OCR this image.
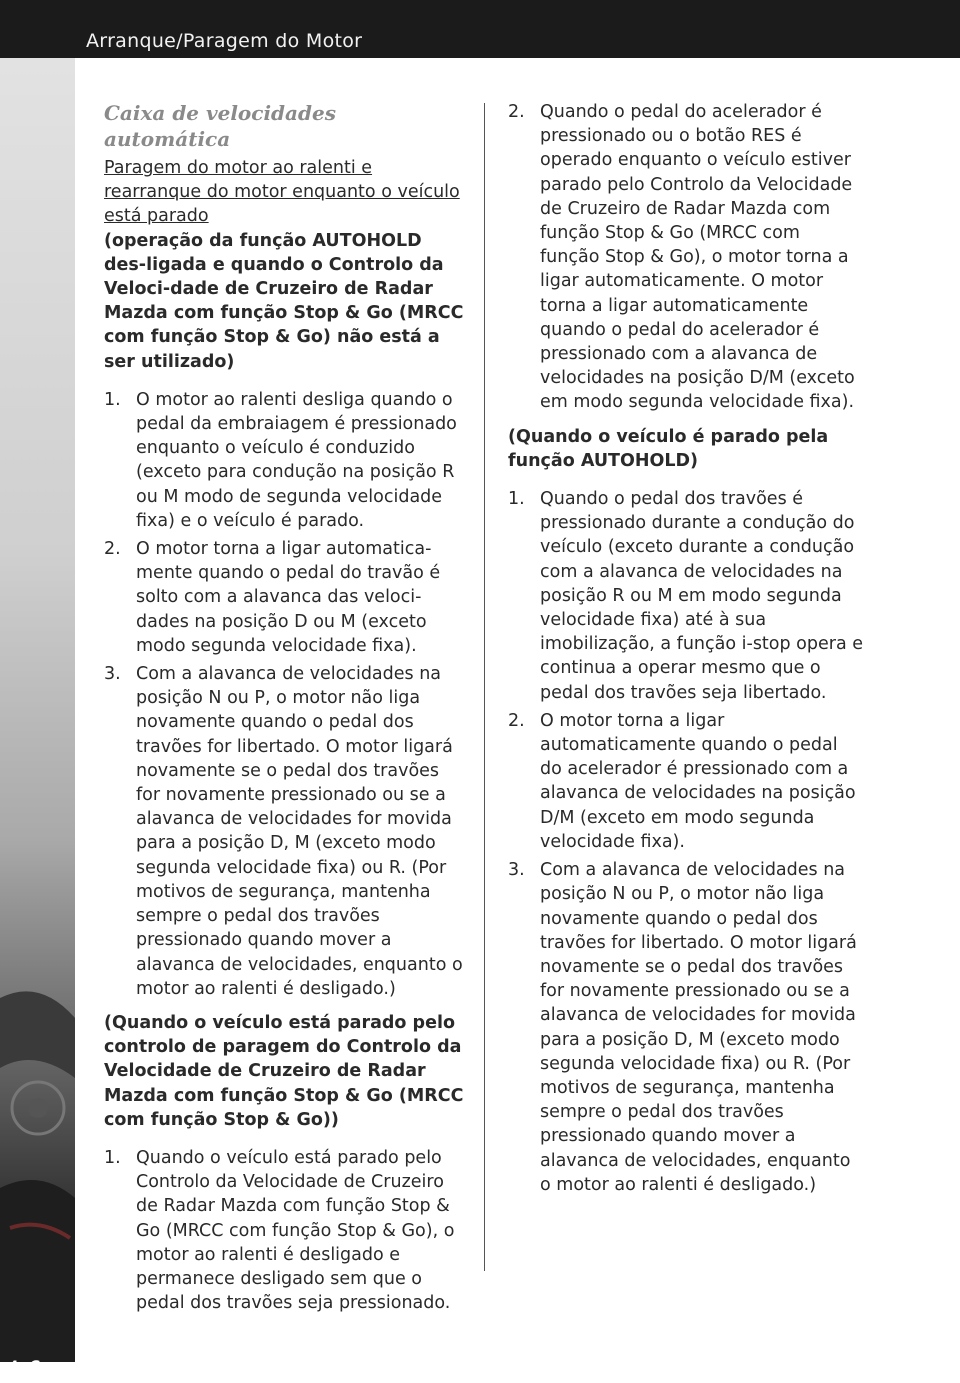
Arranque/Paragem do Motor
4-6
Caixa de velocidades automática

Paragem do motor ao ralenti e rearranque do motor enquanto o veículo está parado

(operação da função AUTOHOLD des-ligada e quando o Controlo da Veloci-dade de Cruzeiro de Radar Mazda com função Stop & Go (MRCC com função Stop & Go) não está a ser utilizado)

1. O motor ao ralenti desliga quando o pedal da embraiagem é pressionado enquanto o veículo é conduzido (exceto para condução na posição R ou M modo de segunda velocidade fixa) e o veículo é parado.
2. O motor torna a ligar automatica-mente quando o pedal do travão é solto com a alavanca das veloci-dades na posição D ou M (exceto modo segunda velocidade fixa).
3. Com a alavanca de velocidades na posição N ou P, o motor não liga novamente quando o pedal dos travões for libertado. O motor ligará novamente se o pedal dos travões for novamente pressionado ou se a alavanca de velocidades for movida para a posição D, M (exceto modo segunda velocidade fixa) ou R. (Por motivos de segurança, mantenha sempre o pedal dos travões pressionado quando mover a alavanca de velocidades, enquanto o motor ao ralenti é desligado.)

(Quando o veículo está parado pelo controlo de paragem do Controlo da Velocidade de Cruzeiro de Radar Mazda com função Stop & Go (MRCC com função Stop & Go))

1. Quando o veículo está parado pelo Controlo da Velocidade de Cruzeiro de Radar Mazda com função Stop & Go (MRCC com função Stop & Go), o motor ao ralenti é desligado e permanece desligado sem que o pedal dos travões seja pressionado.
2. Quando o pedal do acelerador é pressionado ou o botão RES é operado enquanto o veículo estiver parado pelo Controlo da Velocidade de Cruzeiro de Radar Mazda com função Stop & Go (MRCC com função Stop & Go), o motor torna a ligar automaticamente. O motor torna a ligar automaticamente quando o pedal do acelerador é pressionado com a alavanca de velocidades na posição D/M (exceto em modo segunda velocidade fixa).

(Quando o veículo é parado pela função AUTOHOLD)

1. Quando o pedal dos travões é pressionado durante a condução do veículo (exceto durante a condução com a alavanca de velocidades na posição R ou M em modo segunda velocidade fixa) até à sua imobilização, a função i-stop opera e continua a operar mesmo que o pedal dos travões seja libertado.
2. O motor torna a ligar automaticamente quando o pedal do acelerador é pressionado com a alavanca de velocidades na posição D/M (exceto em modo segunda velocidade fixa).
3. Com a alavanca de velocidades na posição N ou P, o motor não liga novamente quando o pedal dos travões for libertado. O motor ligará novamente se o pedal dos travões for novamente pressionado ou se a alavanca de velocidades for movida para a posição D, M (exceto modo segunda velocidade fixa) ou R. (Por motivos de segurança, mantenha sempre o pedal dos travões pressionado quando mover a alavanca de velocidades, enquanto o motor ao ralenti é desligado.)
